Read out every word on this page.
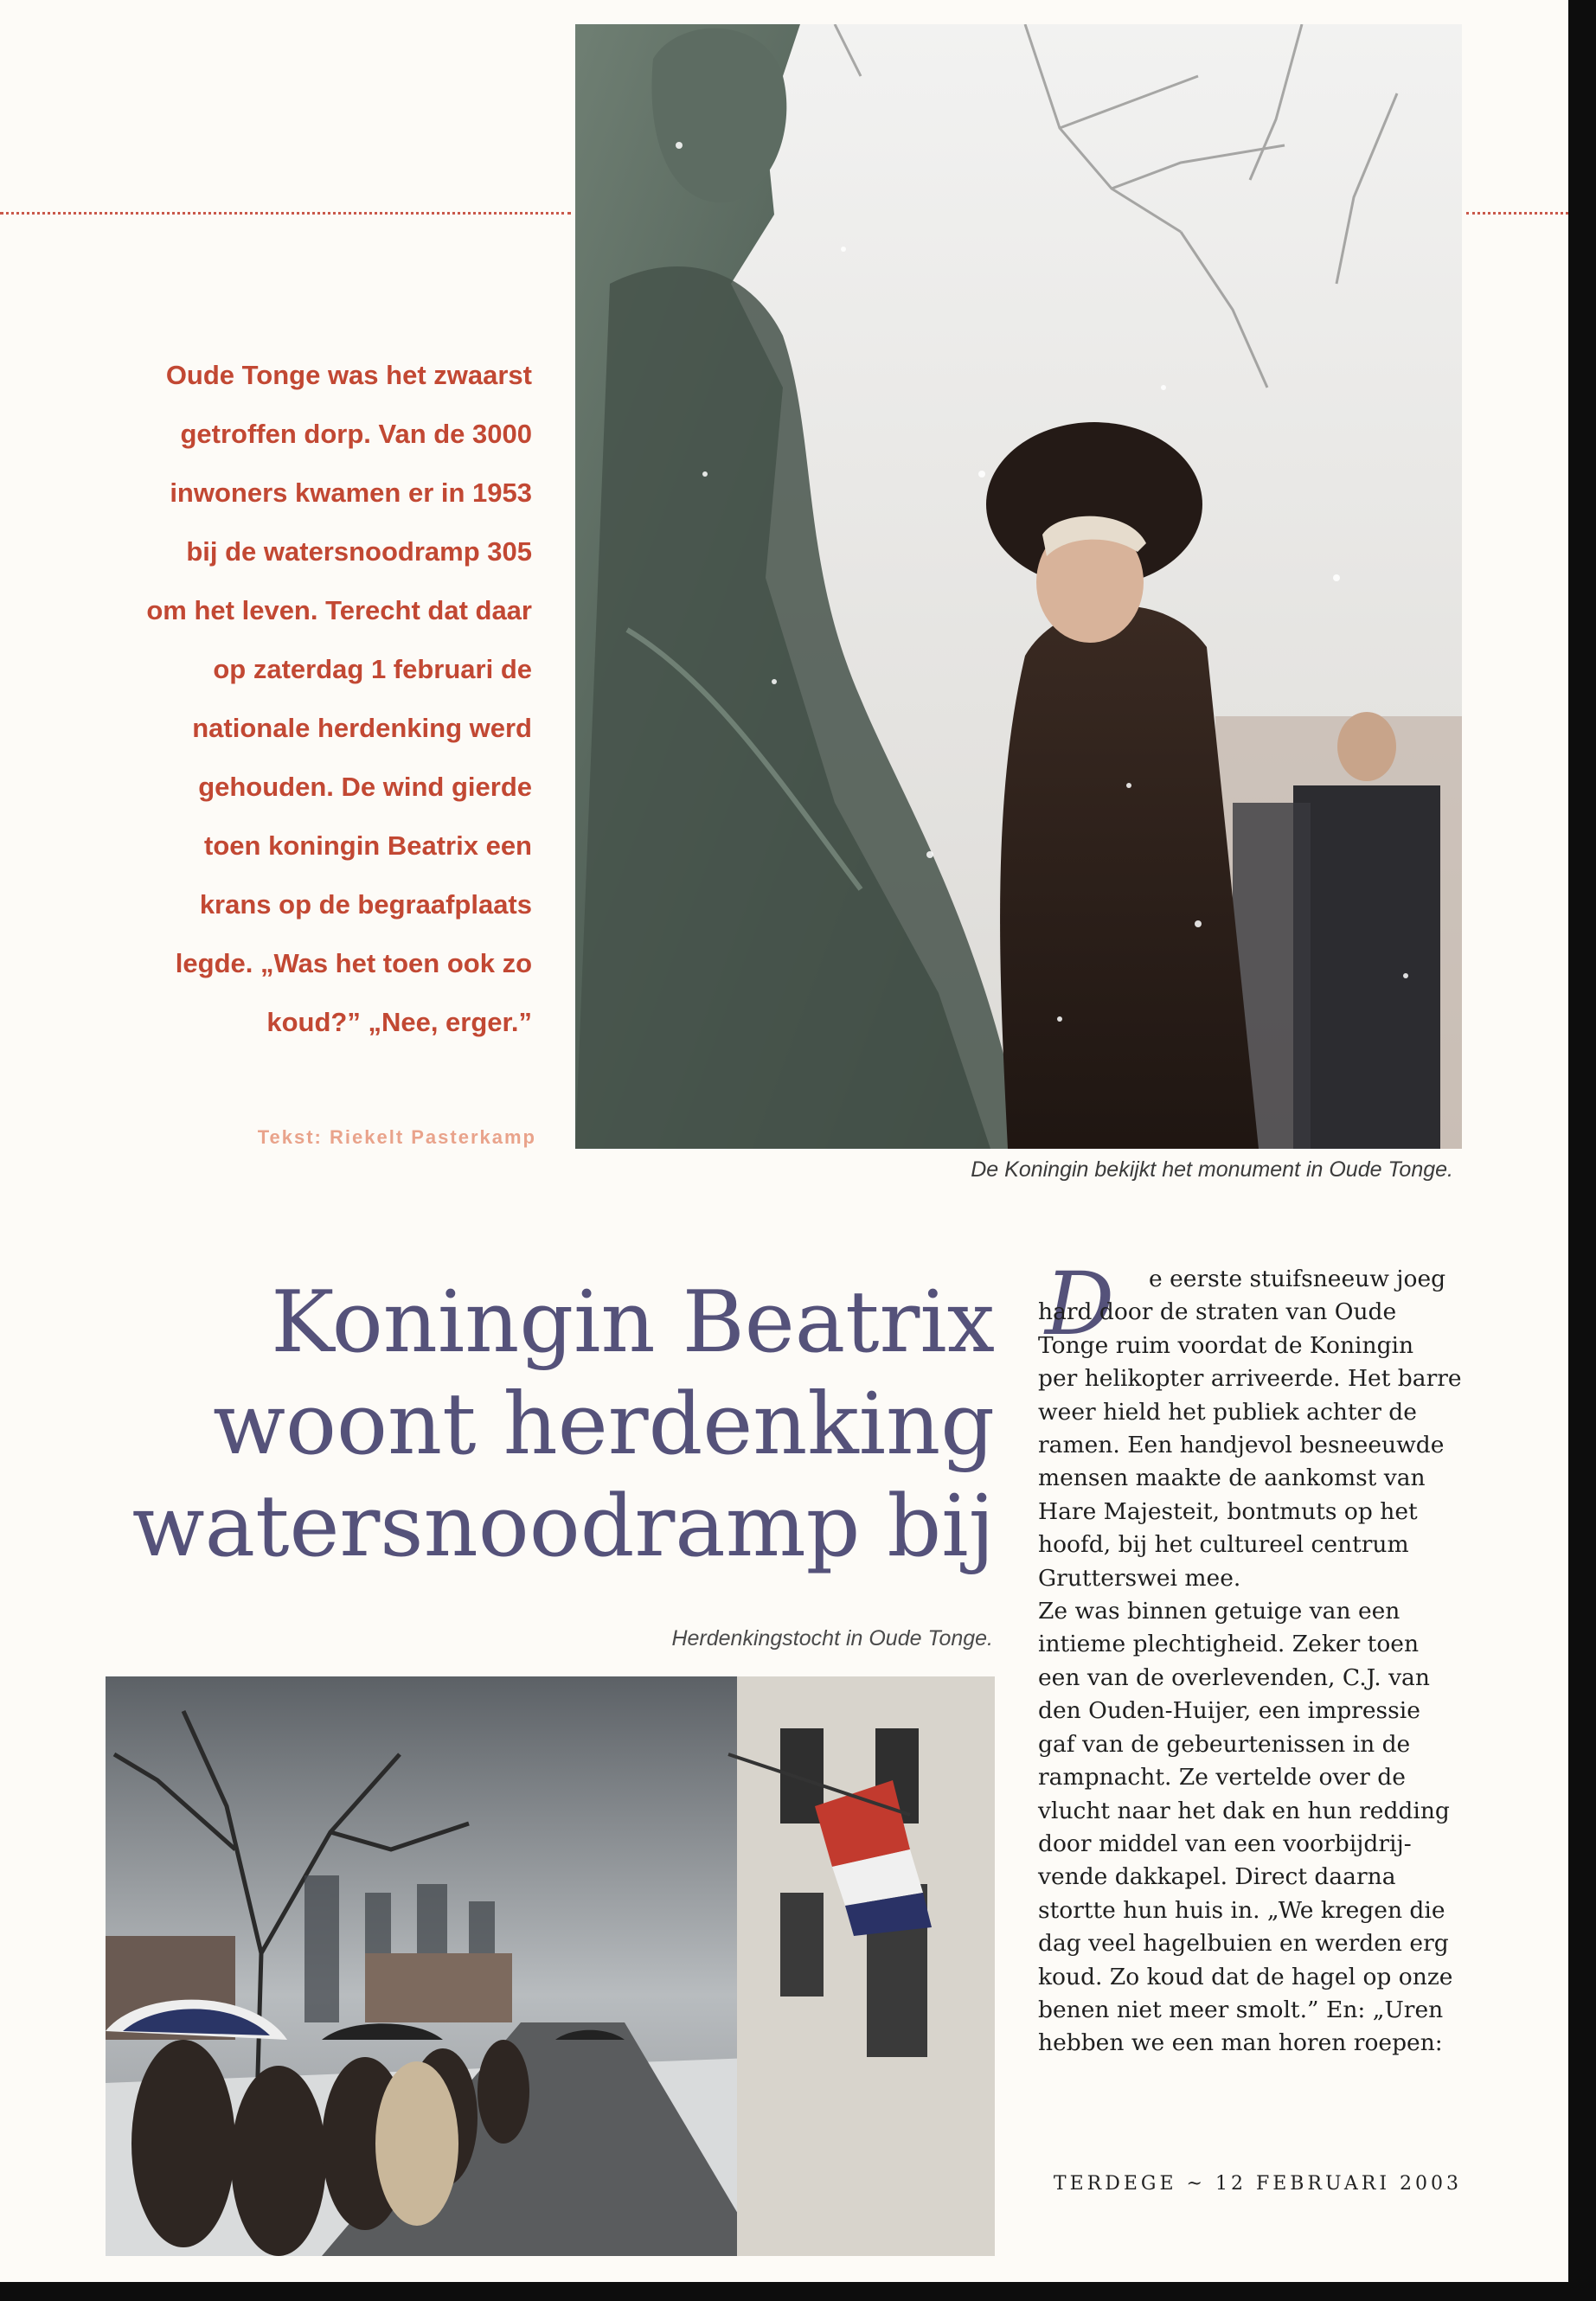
Oude Tonge was het zwaarst
getroffen dorp. Van de 3000
inwoners kwamen er in 1953
bij de watersnoodramp 305
om het leven. Terecht dat daar
op zaterdag 1 februari de
nationale herdenking werd
gehouden. De wind gierde
toen koningin Beatrix een
krans op de begraafplaats
legde. „Was het toen ook zo
koud?” „Nee, erger.”
Tekst: Riekelt Pasterkamp
De Koningin bekijkt het monument in Oude Tonge.
Koningin Beatrix
woont herdenking
watersnoodramp bij
Herdenkingstocht in Oude Tonge.
D	e eerste stuifsneeuw joeg
hard door de straten van Oude
Tonge ruim voordat de Koningin
per helikopter arriveerde. Het barre
weer hield het publiek achter de
ramen. Een handjevol besneeuwde
mensen maakte de aankomst van
Hare Majesteit, bontmuts op het
hoofd, bij het cultureel centrum
Grutterswei mee.

Ze was binnen getuige van een
intieme plechtigheid. Zeker toen
een van de overlevenden, C.J. van
den Ouden-Huijer, een impressie
gaf van de gebeurtenissen in de
rampnacht. Ze vertelde over de
vlucht naar het dak en hun redding
door middel van een voorbijdrij-
vende dakkapel. Direct daarna
stortte hun huis in. „We kregen die
dag veel hagelbuien en werden erg
koud. Zo koud dat de hagel op onze
benen niet meer smolt.” En: „Uren
hebben we een man horen roepen:

TERDEGE ~ 12 FEBRUARI 2003
